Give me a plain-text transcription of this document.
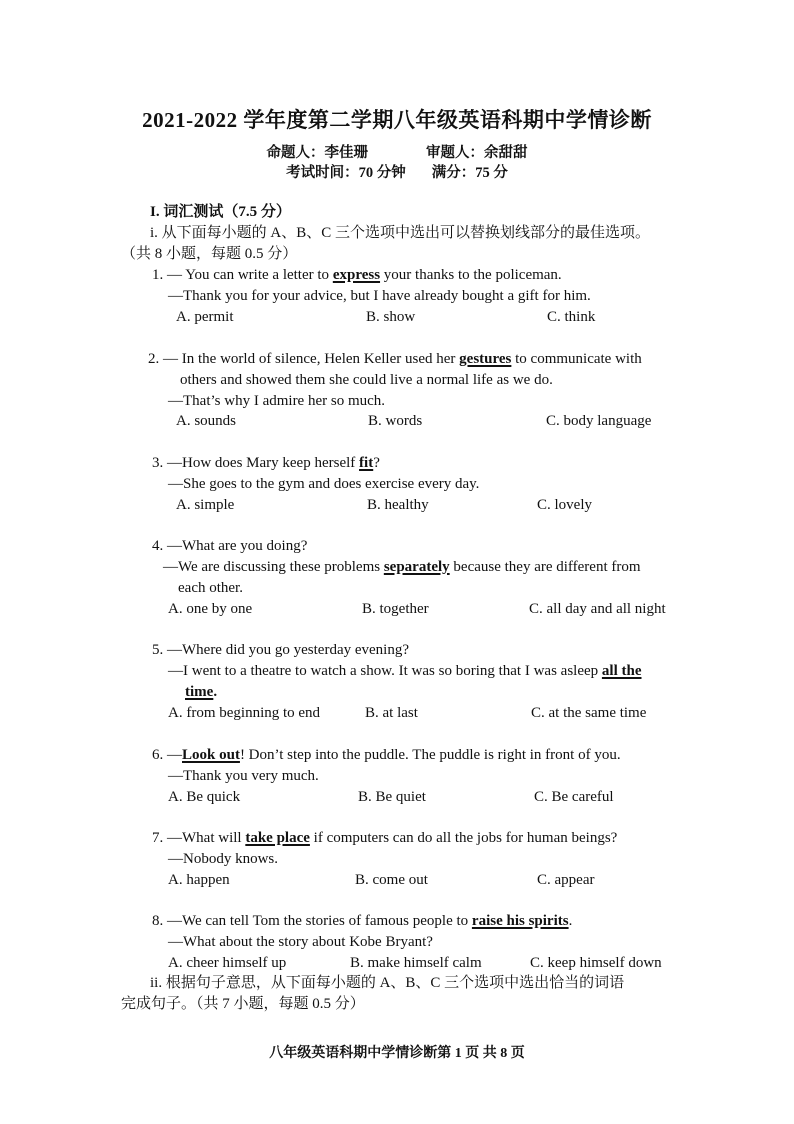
2021-2022 学年度第二学期八年级英语科期中学情诊断
命题人：李佳珊	审题人：余甜甜
考试时间：70 分钟 满分：75 分
I. 词汇测试（7.5 分）
i. 从下面每小题的 A、B、C 三个选项中选出可以替换划线部分的最佳选项。
（共 8 小题，每题 0.5 分）
1. — You can write a letter to express your thanks to the policeman.
—Thank you for your advice, but I have already bought a gift for him.
A. permit	B. show	C. think
2. — In the world of silence, Helen Keller used her gestures to communicate with
others and showed them she could live a normal life as we do.
—That’s why I admire her so much.
A. sounds	B. words	C. body language
3. —How does Mary keep herself fit?
—She goes to the gym and does exercise every day.
A. simple	B. healthy	C. lovely
4. —What are you doing?
—We are discussing these problems separately because they are different from
each other.
A. one by one	B. together	C. all day and all night
5. —Where did you go yesterday evening?
—I went to a theatre to watch a show. It was so boring that I was asleep all the
time.
A. from beginning to end	B. at last	C. at the same time
6. —Look out! Don’t step into the puddle. The puddle is right in front of you.
—Thank you very much.
A. Be quick	B. Be quiet	C. Be careful
7. —What will take place if computers can do all the jobs for human beings?
—Nobody knows.
A. happen	B. come out	C. appear
8. —We can tell Tom the stories of famous people to raise his spirits.
—What about the story about Kobe Bryant?
A. cheer himself up	B. make himself calm	C. keep himself down
ii. 根据句子意思，从下面每小题的 A、B、C 三个选项中选出恰当的词语
完成句子。（共 7 小题，每题 0.5 分）
八年级英语科期中学情诊断第 1 页 共 8 页
